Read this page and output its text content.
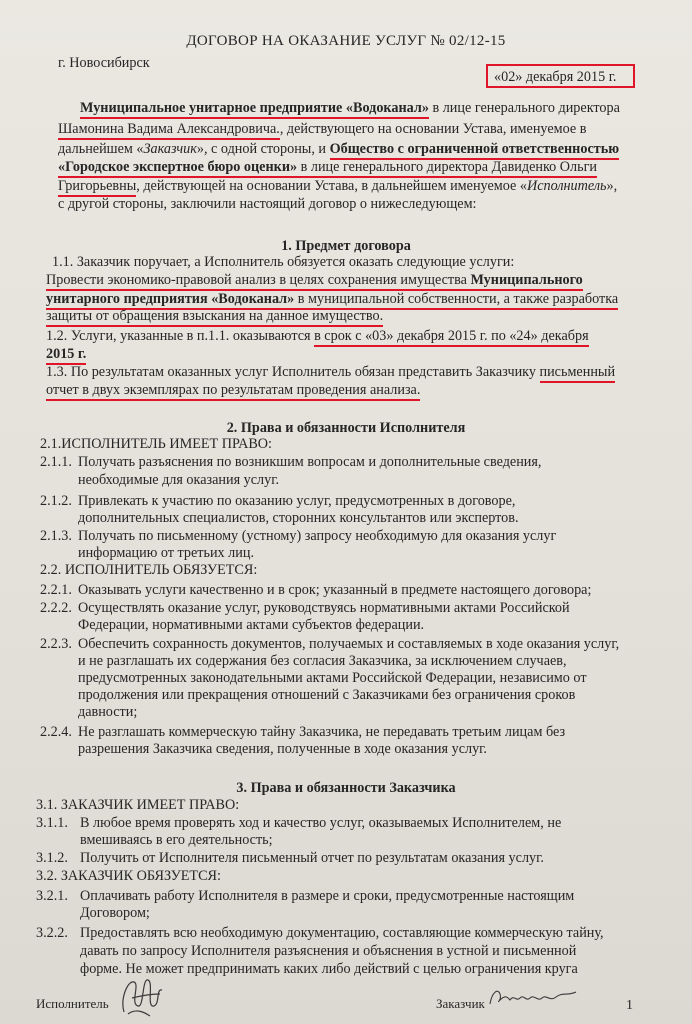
ДОГОВОР НА ОКАЗАНИЕ УСЛУГ № 02/12-15
г. Новосибирск
«02» декабря 2015 г.
Муниципальное унитарное предприятие «Водоканал» в лице генерального директора
Шамонина Вадима Александровича., действующего на основании Устава, именуемое в
дальнейшем «Заказчик», с одной стороны, и Общество с ограниченной ответственностью
«Городское экспертное бюро оценки» в лице генерального директора Давиденко Ольги
Григорьевны, действующей на основании Устава, в дальнейшем именуемое «Исполнитель»,
с другой стороны, заключили настоящий договор о нижеследующем:
1. Предмет договора
1.1. Заказчик поручает, а Исполнитель обязуется оказать следующие услуги:
Провести экономико-правовой анализ в целях сохранения имущества Муниципального
унитарного предприятия «Водоканал» в муниципальной собственности, а также разработка
защиты от обращения взыскания на данное имущество.
1.2. Услуги, указанные в п.1.1. оказываются в срок с «03» декабря 2015 г. по «24» декабря
2015 г.
1.3. По результатам оказанных услуг Исполнитель обязан представить Заказчику письменный
отчет в двух экземплярах по результатам проведения анализа.
2. Права и обязанности Исполнителя
2.1.ИСПОЛНИТЕЛЬ ИМЕЕТ ПРАВО:
2.1.1. Получать разъяснения по возникшим вопросам и дополнительные сведения,
необходимые для оказания услуг.
2.1.2. Привлекать к участию по оказанию услуг, предусмотренных в договоре,
дополнительных специалистов, сторонних консультантов или экспертов.
2.1.3. Получать по письменному (устному) запросу необходимую для оказания услуг
информацию от третьих лиц.
2.2. ИСПОЛНИТЕЛЬ ОБЯЗУЕТСЯ:
2.2.1. Оказывать услуги качественно и в срок; указанный в предмете настоящего договора;
2.2.2. Осуществлять оказание услуг, руководствуясь нормативными актами Российской
Федерации, нормативными актами субъектов федерации.
2.2.3. Обеспечить сохранность документов, получаемых и составляемых в ходе оказания услуг,
и не разглашать их содержания без согласия Заказчика, за исключением случаев,
предусмотренных законодательными актами Российской Федерации, независимо от
продолжения или прекращения отношений с Заказчиками без ограничения сроков
давности;
2.2.4. Не разглашать коммерческую тайну Заказчика, не передавать третьим лицам без
разрешения Заказчика сведения, полученные в ходе оказания услуг.
3. Права и обязанности Заказчика
3.1. ЗАКАЗЧИК ИМЕЕТ ПРАВО:
3.1.1. В любое время проверять ход и качество услуг, оказываемых Исполнителем, не
вмешиваясь в его деятельность;
3.1.2. Получить от Исполнителя письменный отчет по результатам оказания услуг.
3.2. ЗАКАЗЧИК ОБЯЗУЕТСЯ:
3.2.1. Оплачивать работу Исполнителя в размере и сроки, предусмотренные настоящим
Договором;
3.2.2. Предоставлять всю необходимую документацию, составляющие коммерческую тайну,
давать по запросу Исполнителя разъяснения и объяснения в устной и письменной
форме. Не может предпринимать каких либо действий с целью ограничения круга
Исполнитель	Заказчик	1
